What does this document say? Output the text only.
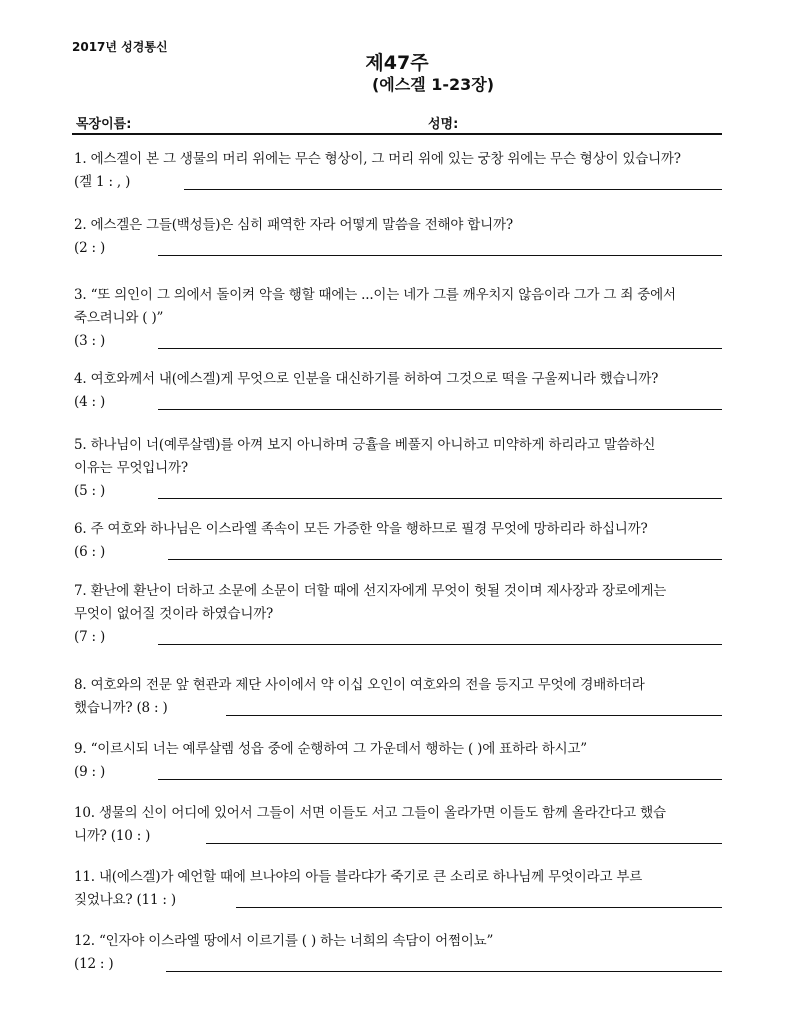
2017년 성경통신
제47주
(에스겔 1-23장)
목장이름:	성명:
1. 에스겔이 본 그 생물의 머리 위에는 무슨 형상이, 그 머리 위에 있는 궁창 위에는 무슨 형상이 있습니까?
(겔 1 : , )
2. 에스겔은 그들(백성들)은 심히 패역한 자라 어떻게 말씀을 전해야 합니까?
(2 : )
3. “또 의인이 그 의에서 돌이켜 악을 행할 때에는 ...이는 네가 그를 깨우치지 않음이라 그가 그 죄 중에서
죽으려니와 ( )”
(3 : )
4. 여호와께서 내(에스겔)게 무엇으로 인분을 대신하기를 허하여 그것으로 떡을 구울찌니라 했습니까?
(4 : )
5. 하나님이 너(예루살렘)를 아껴 보지 아니하며 긍휼을 베풀지 아니하고 미약하게 하리라고 말씀하신
이유는 무엇입니까?
(5 : )
6. 주 여호와 하나님은 이스라엘 족속이 모든 가증한 악을 행하므로 필경 무엇에 망하리라 하십니까?
(6 : )
7. 환난에 환난이 더하고 소문에 소문이 더할 때에 선지자에게 무엇이 헛될 것이며 제사장과 장로에게는
무엇이 없어질 것이라 하였습니까?
(7 : )
8. 여호와의 전문 앞 현관과 제단 사이에서 약 이십 오인이 여호와의 전을 등지고 무엇에 경배하더라
했습니까? (8 : )
9. “이르시되 너는 예루살렘 성읍 중에 순행하여 그 가운데서 행하는 ( )에 표하라 하시고”
(9 : )
10. 생물의 신이 어디에 있어서 그들이 서면 이들도 서고 그들이 올라가면 이들도 함께 올라간다고 했습
니까? (10 : )
11. 내(에스겔)가 예언할 때에 브나야의 아들 블라댜가 죽기로 큰 소리로 하나님께 무엇이라고 부르
짖었나요? (11 : )
12. “인자야 이스라엘 땅에서 이르기를 ( ) 하는 너희의 속담이 어쩜이뇨”
(12 : )
